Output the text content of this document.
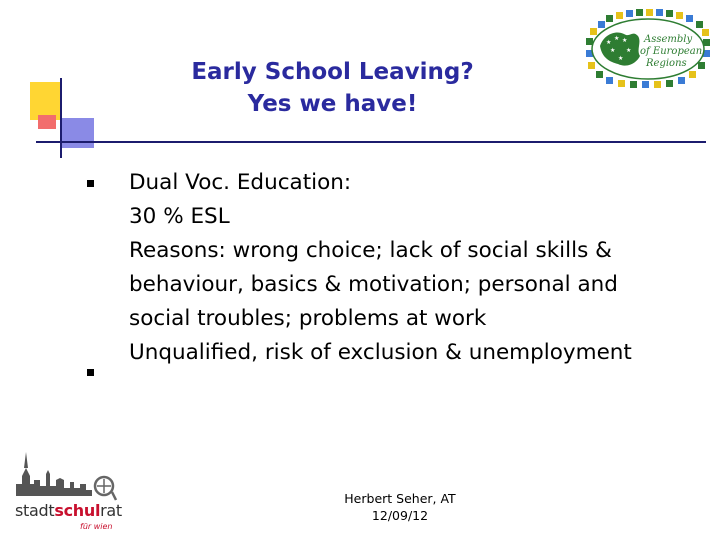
Early School Leaving?
Yes we have!
Dual Voc. Education:
30 % ESL
Reasons: wrong choice; lack of social skills &
behaviour, basics & motivation; personal and
social troubles; problems at work
Unqualified, risk of exclusion & unemployment
★
★ ★
★ ★
★
Assembly
of European
Regions
stadtschulrat
für wien
Herbert Seher, AT
12/09/12
